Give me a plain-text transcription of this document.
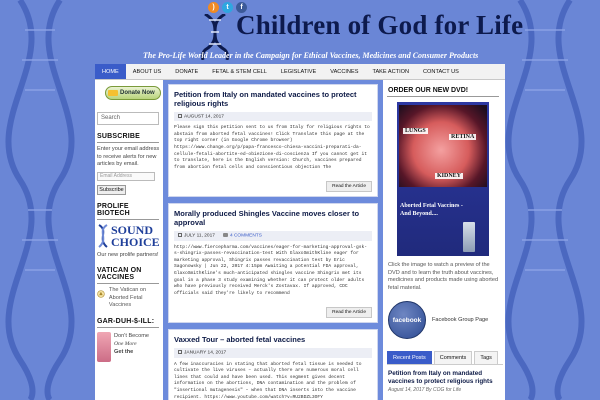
)	t	f
Children of God for Life
The Pro-Life World Leader in the Campaign for Ethical Vaccines, Medicines and Consumer Products
HOME	ABOUT US	DONATE	FETAL & STEM CELL	LEGISLATIVE	VACCINES	TAKE ACTION	CONTACT US
Donate Now
Search
SUBSCRIBE
Enter your email address to receive alerts for new articles by email.
Email Address
Subscribe
PROLIFE BIOTECH
SOUND
CHOICE
Our new prolife partners!
VATICAN ON VACCINES
The Vatican on Aborted Fetal Vaccines
GAR-DUH-$-ILL:
Don't Become
One More
Get the
Petition from Italy on mandated vaccines to protect religious rights
AUGUST 14, 2017
Please sign this petition sent to us from Italy for religious rights to abstain from aborted fetal vaccines! Click Translate this page at the top right corner (in Google Chrome browser) https://www.change.org/p/papa-francesco-chiesa-vaccini-preparati-da-cellule-fetali-abortite-ed-obiezione-di-coscienza If you cannot get it to translate, here is the English version: Church, vaccines prepared from abortion fetal cells and conscientious objection The
Read the Article
Morally produced Shingles Vaccine moves closer to approval
JULY 11, 2017	4 COMMENTS
http://www.fiercepharma.com/vaccines/eager-for-marketing-approval-gsk-s-shingrix-passes-revaccination-test With GlaxoSmithKline eager for marketing approval, Shingrix passes revaccination test by Eric Sagonowsky | Jun 22, 2017 4:15pm Awaiting a potential FDA approval, GlaxoSmithKline's much-anticipated shingles vaccine Shingrix met its goal in a phase 3 study examining whether it can protect older adults who have previously received Merck's Zostavax. If approved, CDC officials said they're likely to recommend
Read the Article
Vaxxed Tour – aborted fetal vaccines
JANUARY 14, 2017
A few inaccuracies in stating that aborted fetal tissue is needed to cultivate the live viruses – actually there are numerous moral cell lines that could and have been used. This segment gives decent information on the abortions, DNA contamination and the problem of "insertional mutagenesis" – when that DNA inserts into the vaccine recipient. https://www.youtube.com/watch?v=RU2BDZL3OFY
ORDER OUR NEW DVD!
LUNGS
RETINA
KIDNEY
Aborted Fetal Vaccines - And Beyond....
Click the image to watch a preview of the DVD and to learn the truth about vaccines, medicines and products made using aborted fetal material.
facebook	Facebook Group Page
Recent Posts	Comments	Tags
Petition from Italy on mandated vaccines to protect religious rights
August 14, 2017 By COG for Life
